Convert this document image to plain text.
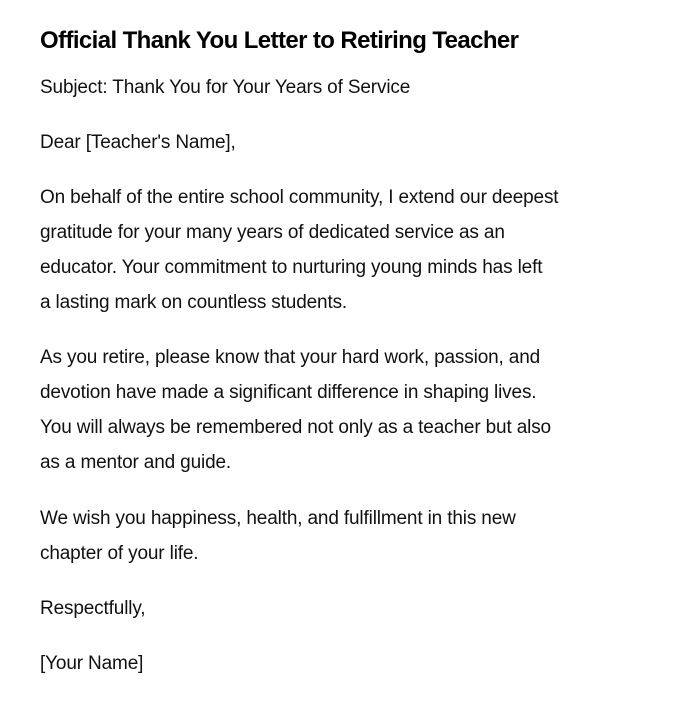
Official Thank You Letter to Retiring Teacher

Subject: Thank You for Your Years of Service

Dear [Teacher's Name],

On behalf of the entire school community, I extend our deepest
gratitude for your many years of dedicated service as an
educator. Your commitment to nurturing young minds has left
a lasting mark on countless students.
As you retire, please know that your hard work, passion, and
devotion have made a significant difference in shaping lives.
You will always be remembered not only as a teacher but also
as a mentor and guide.
We wish you happiness, health, and fulfillment in this new
chapter of your life.

Respectfully,

[Your Name]
